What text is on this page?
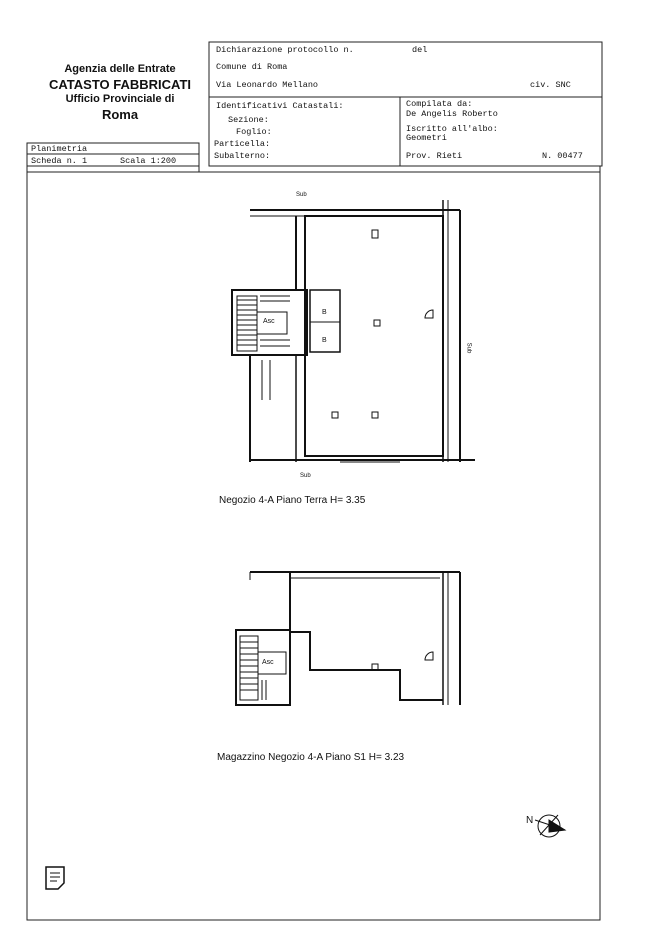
Agenzia delle Entrate
CATASTO FABBRICATI
Ufficio Provinciale di
Roma
Dichiarazione protocollo n.	del
Comune di Roma
Via Leonardo Mellano	civ. SNC
Identificativi Catastali:
Sezione:
Foglio:
Particella:
Subalterno:
Compilata da:
De Angelis Roberto
Iscritto all'albo:
Geometri
Prov. Rieti	N. 00477
Planimetria
Scheda n. 1	Scala 1:200
Sub
Sub
Sub
Asc
B
B
Negozio 4-A Piano Terra H= 3.35
Asc
Magazzino Negozio 4-A Piano S1 H= 3.23
N
